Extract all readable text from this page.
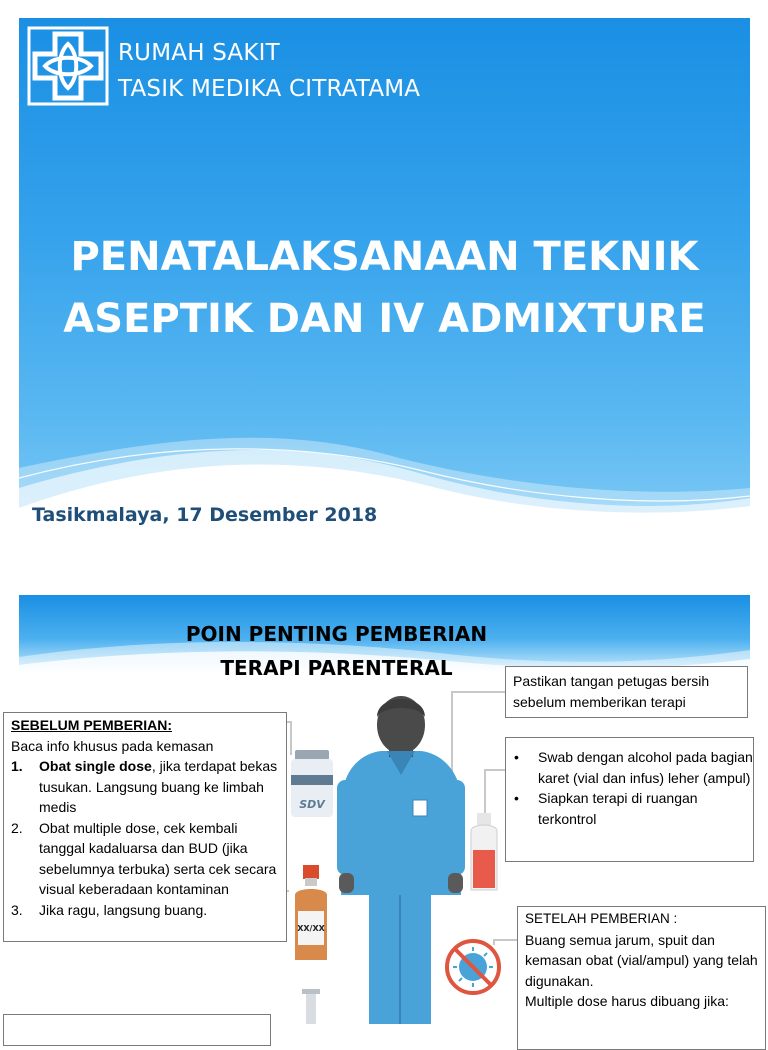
RUMAH SAKIT
TASIK MEDIKA CITRATAMA
PENATALAKSANAAN TEKNIK
ASEPTIK DAN IV ADMIXTURE
Tasikmalaya, 17 Desember 2018
POIN PENTING PEMBERIAN
TERAPI PARENTERAL
SDV
XX/XX
SEBELUM PEMBERIAN:
Baca info khusus pada kemasan
1. Obat single dose, jika terdapat bekas tusukan. Langsung buang ke limbah medis
2. Obat multiple dose, cek kembali tanggal kadaluarsa dan BUD (jika sebelumnya terbuka) serta cek secara visual keberadaan kontaminan
3. Jika ragu, langsung buang.
Pastikan tangan petugas bersih sebelum memberikan terapi
• Swab dengan alcohol pada bagian karet (vial dan infus) leher (ampul)
• Siapkan terapi di ruangan terkontrol
SETELAH PEMBERIAN :
Buang semua jarum, spuit dan kemasan obat (vial/ampul) yang telah digunakan.
Multiple dose harus dibuang jika:
